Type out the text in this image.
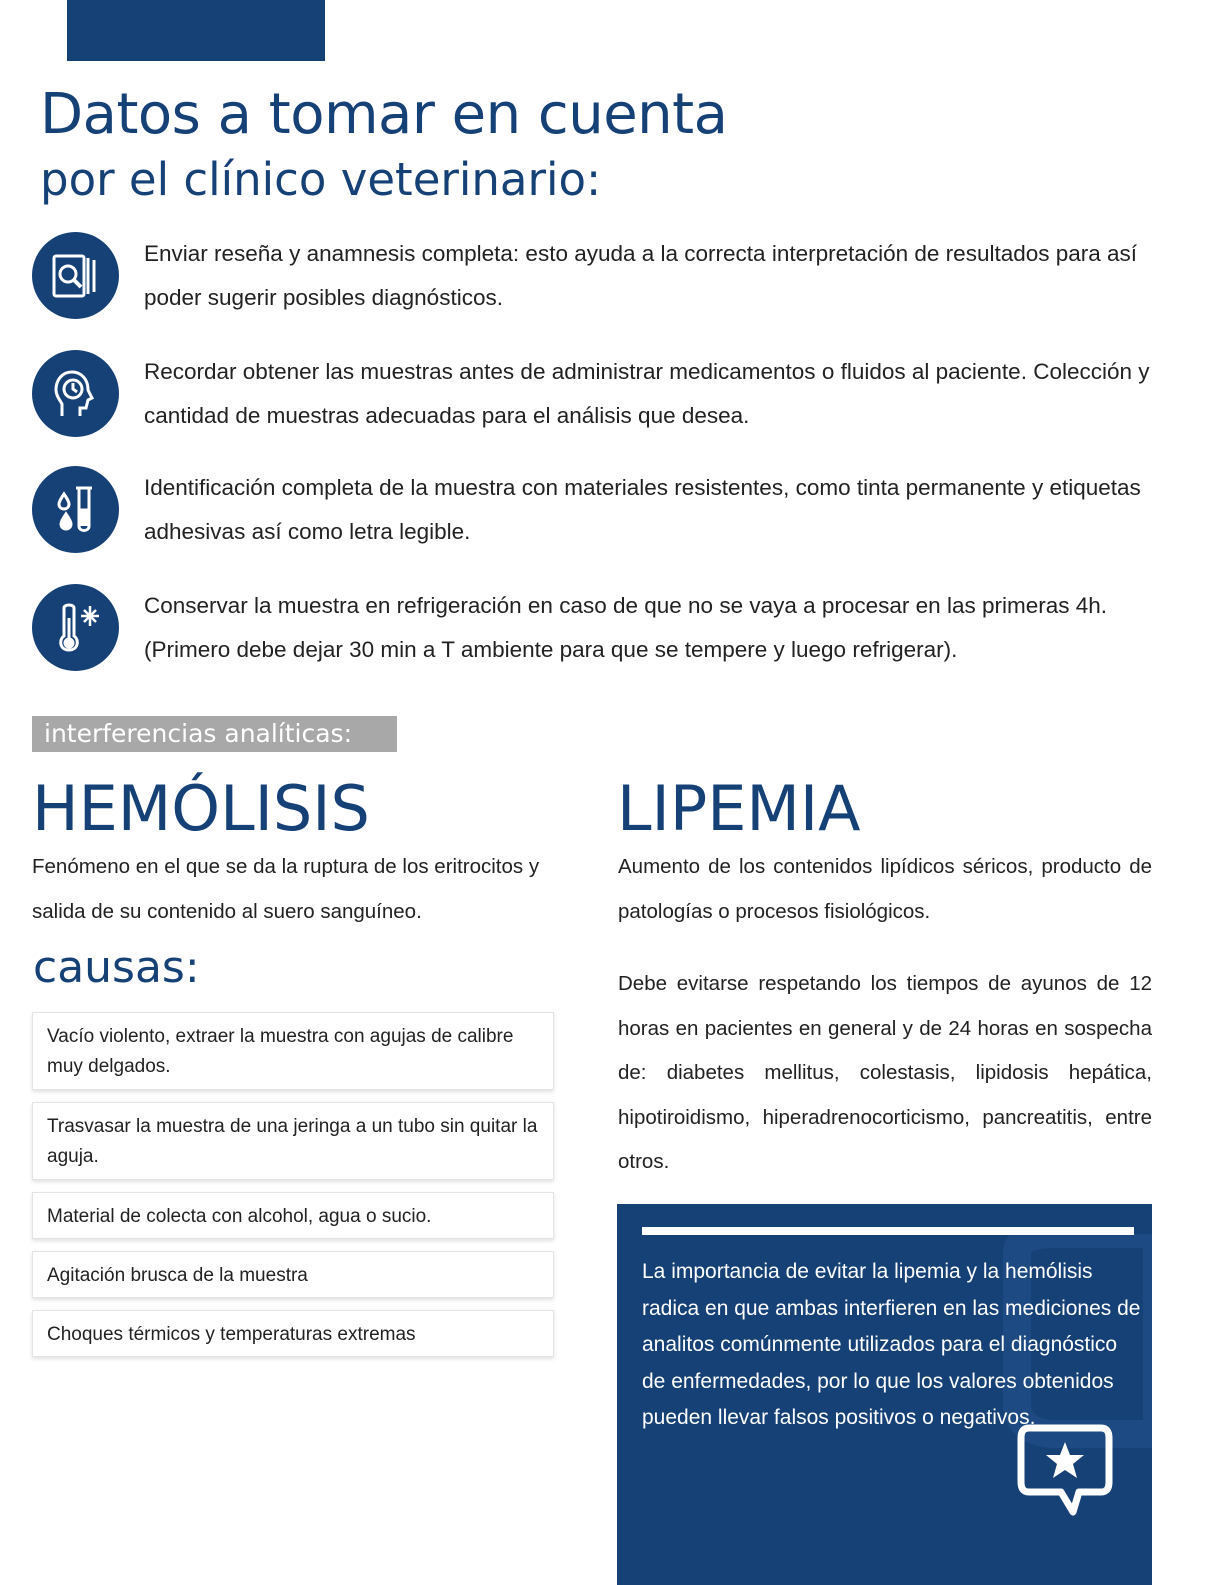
Datos a tomar en cuenta
por el clínico veterinario:
Enviar reseña y anamnesis completa: esto ayuda a la correcta interpretación de resultados para así poder sugerir posibles diagnósticos.
Recordar obtener las muestras antes de administrar medicamentos o fluidos al paciente. Colección y cantidad de muestras adecuadas para el análisis que desea.
Identificación completa de la muestra con materiales resistentes, como tinta permanente y etiquetas adhesivas así como letra legible.
Conservar la muestra en refrigeración en caso de que no se vaya a procesar en las primeras 4h. (Primero debe dejar 30 min a T ambiente para que se tempere y luego refrigerar).
interferencias analíticas:
HEMÓLISIS

Fenómeno en el que se da la ruptura de los eritrocitos y salida de su contenido al suero sanguíneo.

causas:
Vacío violento, extraer la muestra con agujas de calibre muy delgados.
Trasvasar la muestra de una jeringa a un tubo sin quitar la aguja.
Material de colecta con alcohol, agua o sucio.
Agitación brusca de la muestra
Choques térmicos y temperaturas extremas
LIPEMIA

Aumento de los contenidos lipídicos séricos, producto de patologías o procesos fisiológicos.

Debe evitarse respetando los tiempos de ayunos de 12 horas en pacientes en general y de 24 horas en sospecha de: diabetes mellitus, colestasis, lipidosis hepática, hipotiroidismo, hiperadrenocorticismo, pancreatitis, entre otros.

La importancia de evitar la lipemia y la hemólisis radica en que ambas interfieren en las mediciones de analitos comúnmente utilizados para el diagnóstico de enfermedades, por lo que los valores obtenidos pueden llevar falsos positivos o negativos.
